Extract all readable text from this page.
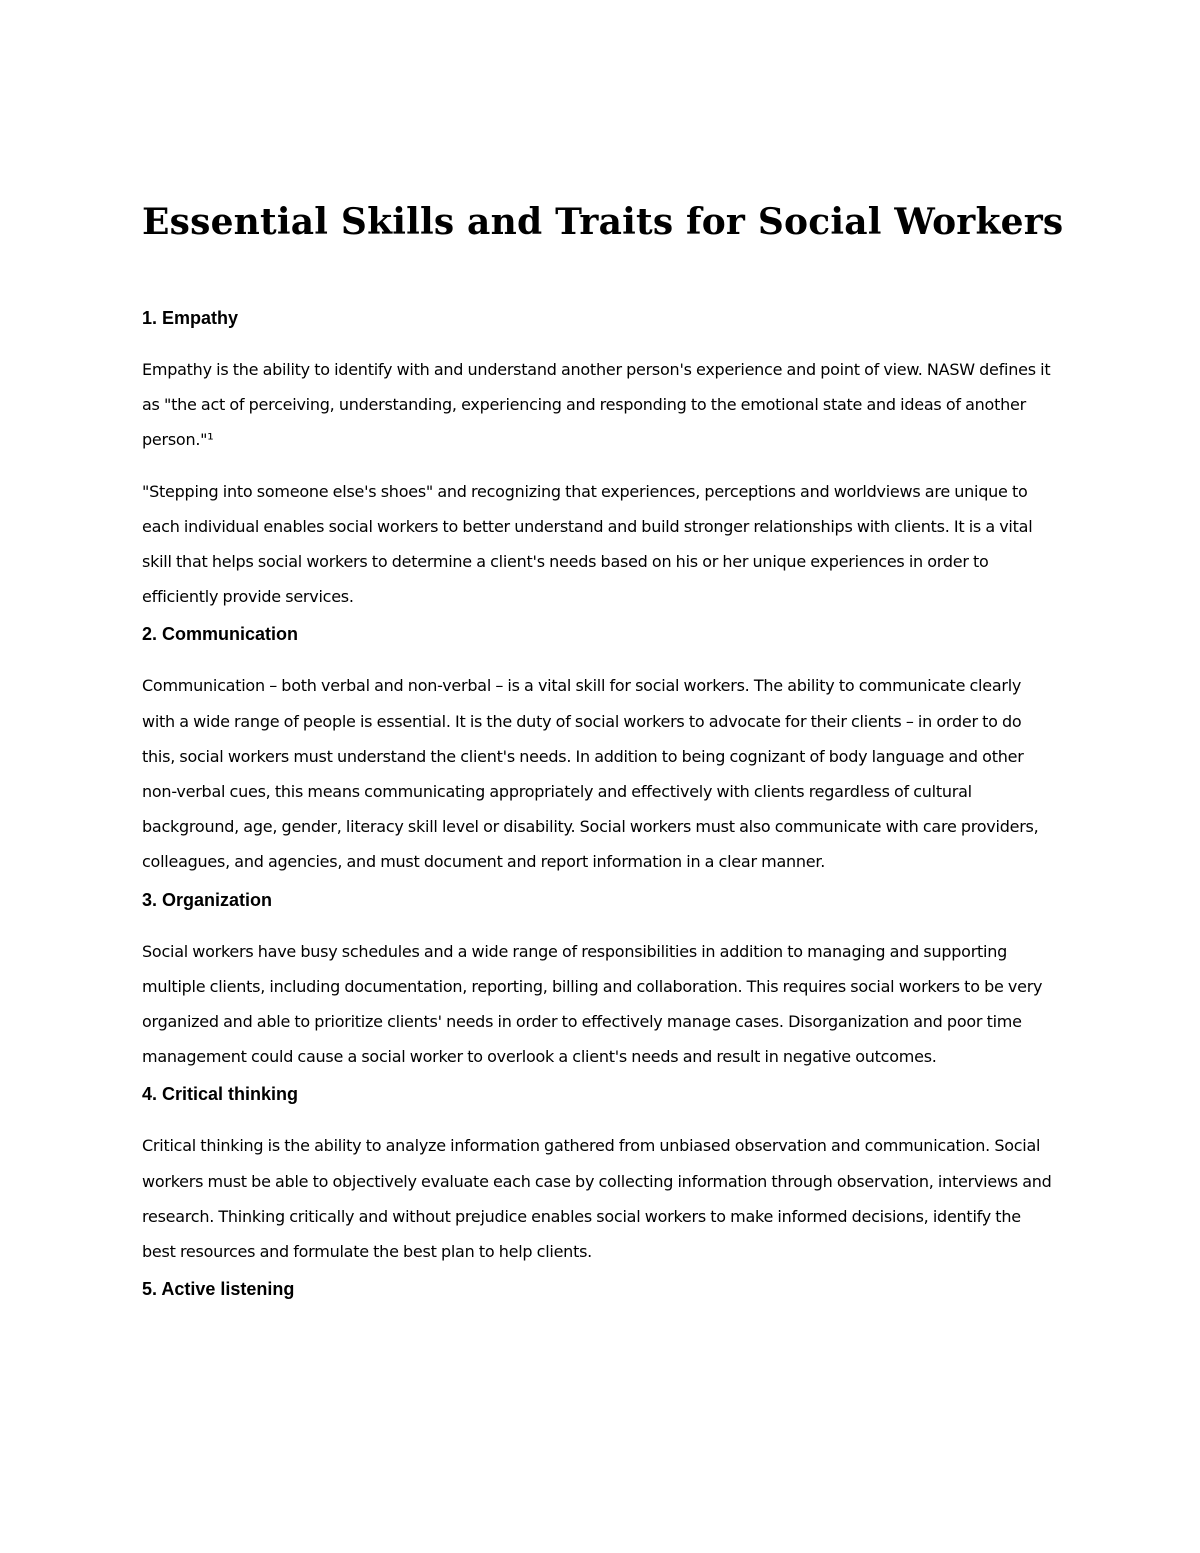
Essential Skills and Traits for Social Workers
1. Empathy

Empathy is the ability to identify with and understand another person's experience and point of view. NASW defines it as "the act of perceiving, understanding, experiencing and responding to the emotional state and ideas of another person."¹

"Stepping into someone else's shoes" and recognizing that experiences, perceptions and worldviews are unique to each individual enables social workers to better understand and build stronger relationships with clients. It is a vital skill that helps social workers to determine a client's needs based on his or her unique experiences in order to efficiently provide services.

2. Communication

Communication – both verbal and non-verbal – is a vital skill for social workers. The ability to communicate clearly with a wide range of people is essential. It is the duty of social workers to advocate for their clients – in order to do this, social workers must understand the client's needs. In addition to being cognizant of body language and other non-verbal cues, this means communicating appropriately and effectively with clients regardless of cultural background, age, gender, literacy skill level or disability. Social workers must also communicate with care providers, colleagues, and agencies, and must document and report information in a clear manner.

3. Organization

Social workers have busy schedules and a wide range of responsibilities in addition to managing and supporting multiple clients, including documentation, reporting, billing and collaboration. This requires social workers to be very organized and able to prioritize clients' needs in order to effectively manage cases. Disorganization and poor time management could cause a social worker to overlook a client's needs and result in negative outcomes.

4. Critical thinking

Critical thinking is the ability to analyze information gathered from unbiased observation and communication. Social workers must be able to objectively evaluate each case by collecting information through observation, interviews and research. Thinking critically and without prejudice enables social workers to make informed decisions, identify the best resources and formulate the best plan to help clients.

5. Active listening
